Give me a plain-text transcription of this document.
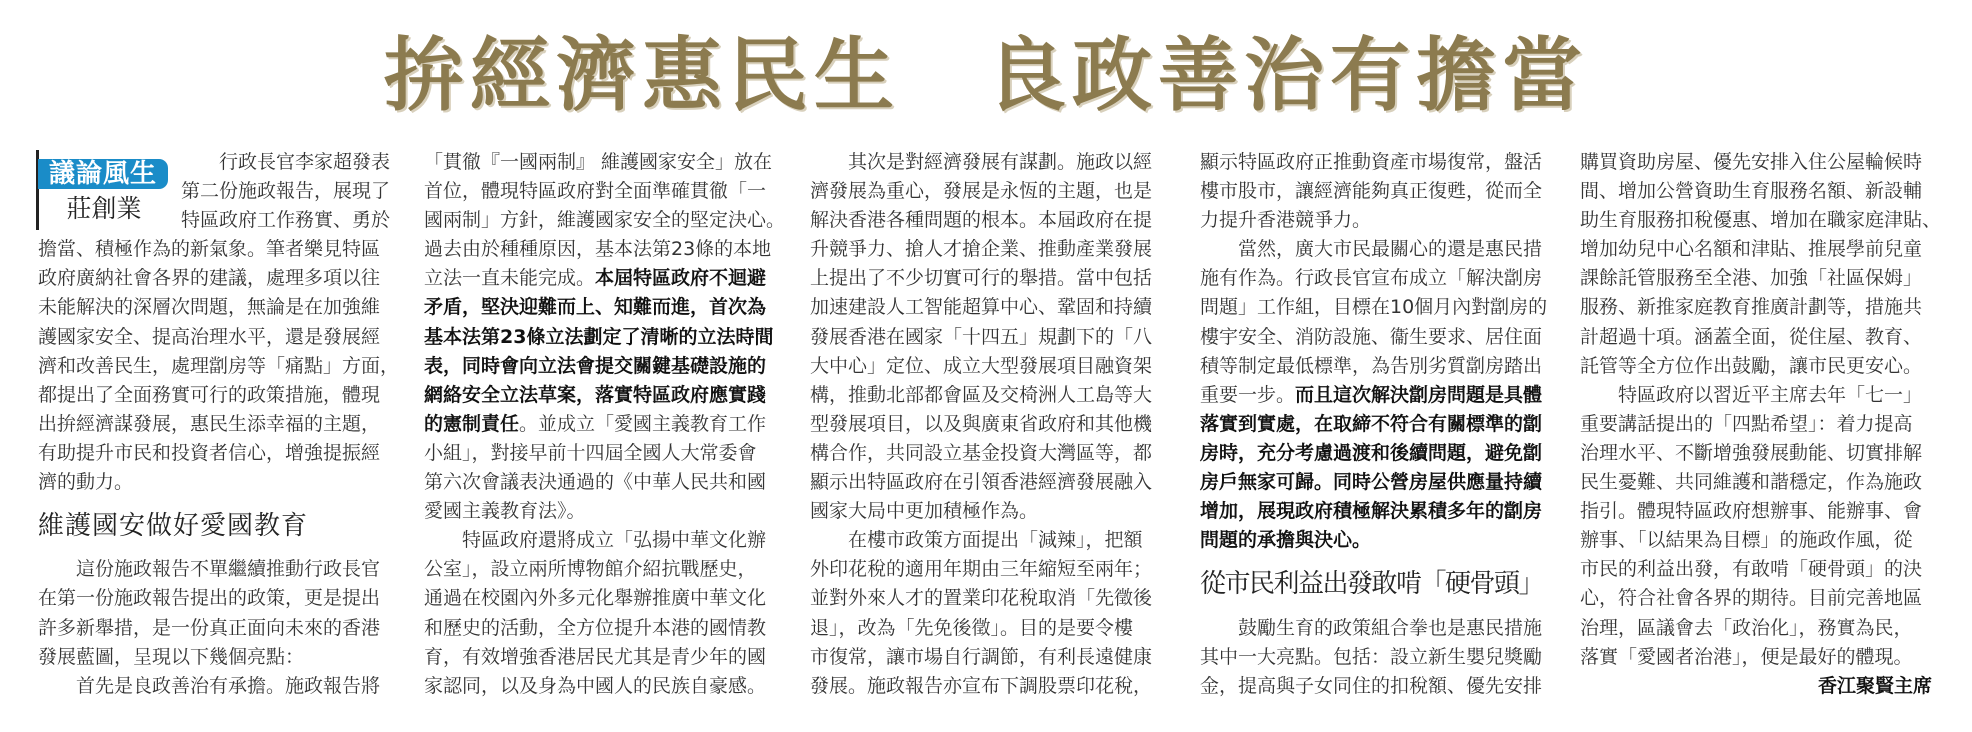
拚經濟惠民生　良政善治有擔當
議論風生
莊創業
行政長官李家超發表
第二份施政報告，展現了
特區政府工作務實、勇於
擔當、積極作為的新氣象。筆者樂見特區
政府廣納社會各界的建議，處理多項以往
未能解決的深層次問題，無論是在加強維
護國家安全、提高治理水平，還是發展經
濟和改善民生，處理劏房等「痛點」方面，
都提出了全面務實可行的政策措施，體現
出拚經濟謀發展，惠民生添幸福的主題，
有助提升市民和投資者信心，增強提振經
濟的動力。
維護國安做好愛國教育
　　這份施政報告不單繼續推動行政長官
在第一份施政報告提出的政策，更是提出
許多新舉措，是一份真正面向未來的香港
發展藍圖，呈現以下幾個亮點：
　　首先是良政善治有承擔。施政報告將
「貫徹『一國兩制』 維護國家安全」放在
首位，體現特區政府對全面準確貫徹「一
國兩制」方針，維護國家安全的堅定決心。
過去由於種種原因，基本法第23條的本地
立法一直未能完成。本屆特區政府不迴避
矛盾，堅決迎難而上、知難而進，首次為
基本法第23條立法劃定了清晰的立法時間
表，同時會向立法會提交關鍵基礎設施的
網絡安全立法草案，落實特區政府應實踐
的憲制責任。並成立「愛國主義教育工作
小組」，對接早前十四屆全國人大常委會
第六次會議表決通過的《中華人民共和國
愛國主義教育法》。
　　特區政府還將成立「弘揚中華文化辦
公室」，設立兩所博物館介紹抗戰歷史，
通過在校園內外多元化舉辦推廣中華文化
和歷史的活動，全方位提升本港的國情教
育，有效增強香港居民尤其是青少年的國
家認同，以及身為中國人的民族自豪感。
　　其次是對經濟發展有謀劃。施政以經
濟發展為重心，發展是永恆的主題，也是
解決香港各種問題的根本。本屆政府在提
升競爭力、搶人才搶企業、推動產業發展
上提出了不少切實可行的舉措。當中包括
加速建設人工智能超算中心、鞏固和持續
發展香港在國家「十四五」規劃下的「八
大中心」定位、成立大型發展項目融資架
構，推動北部都會區及交椅洲人工島等大
型發展項目，以及與廣東省政府和其他機
構合作，共同設立基金投資大灣區等，都
顯示出特區政府在引領香港經濟發展融入
國家大局中更加積極作為。
　　在樓市政策方面提出「減辣」，把額
外印花稅的適用年期由三年縮短至兩年；
並對外來人才的置業印花稅取消「先徵後
退」，改為「先免後徵」。目的是要令樓
市復常，讓市場自行調節，有利長遠健康
發展。施政報告亦宣布下調股票印花稅，
顯示特區政府正推動資產市場復常，盤活
樓市股市，讓經濟能夠真正復甦，從而全
力提升香港競爭力。
　　當然，廣大市民最關心的還是惠民措
施有作為。行政長官宣布成立「解決劏房
問題」工作組，目標在10個月內對劏房的
樓宇安全、消防設施、衞生要求、居住面
積等制定最低標準，為告別劣質劏房踏出
重要一步。而且這次解決劏房問題是具體
落實到實處，在取締不符合有關標準的劏
房時，充分考慮過渡和後續問題，避免劏
房戶無家可歸。同時公營房屋供應量持續
增加，展現政府積極解決累積多年的劏房
問題的承擔與決心。
從市民利益出發敢啃「硬骨頭」
　　鼓勵生育的政策組合拳也是惠民措施
其中一大亮點。包括：設立新生嬰兒獎勵
金，提高與子女同住的扣稅額、優先安排
購買資助房屋、優先安排入住公屋輪候時
間、增加公營資助生育服務名額、新設輔
助生育服務扣稅優惠、增加在職家庭津貼、
增加幼兒中心名額和津貼、推展學前兒童
課餘託管服務至全港、加強「社區保姆」
服務、新推家庭教育推廣計劃等，措施共
計超過十項。涵蓋全面，從住屋、教育、
託管等全方位作出鼓勵，讓市民更安心。
　　特區政府以習近平主席去年「七一」
重要講話提出的「四點希望」：着力提高
治理水平、不斷增強發展動能、切實排解
民生憂難、共同維護和諧穩定，作為施政
指引。體現特區政府想辦事、能辦事、會
辦事、「以結果為目標」的施政作風，從
市民的利益出發，有敢啃「硬骨頭」的決
心，符合社會各界的期待。目前完善地區
治理，區議會去「政治化」，務實為民，
落實「愛國者治港」，便是最好的體現。
香江聚賢主席
